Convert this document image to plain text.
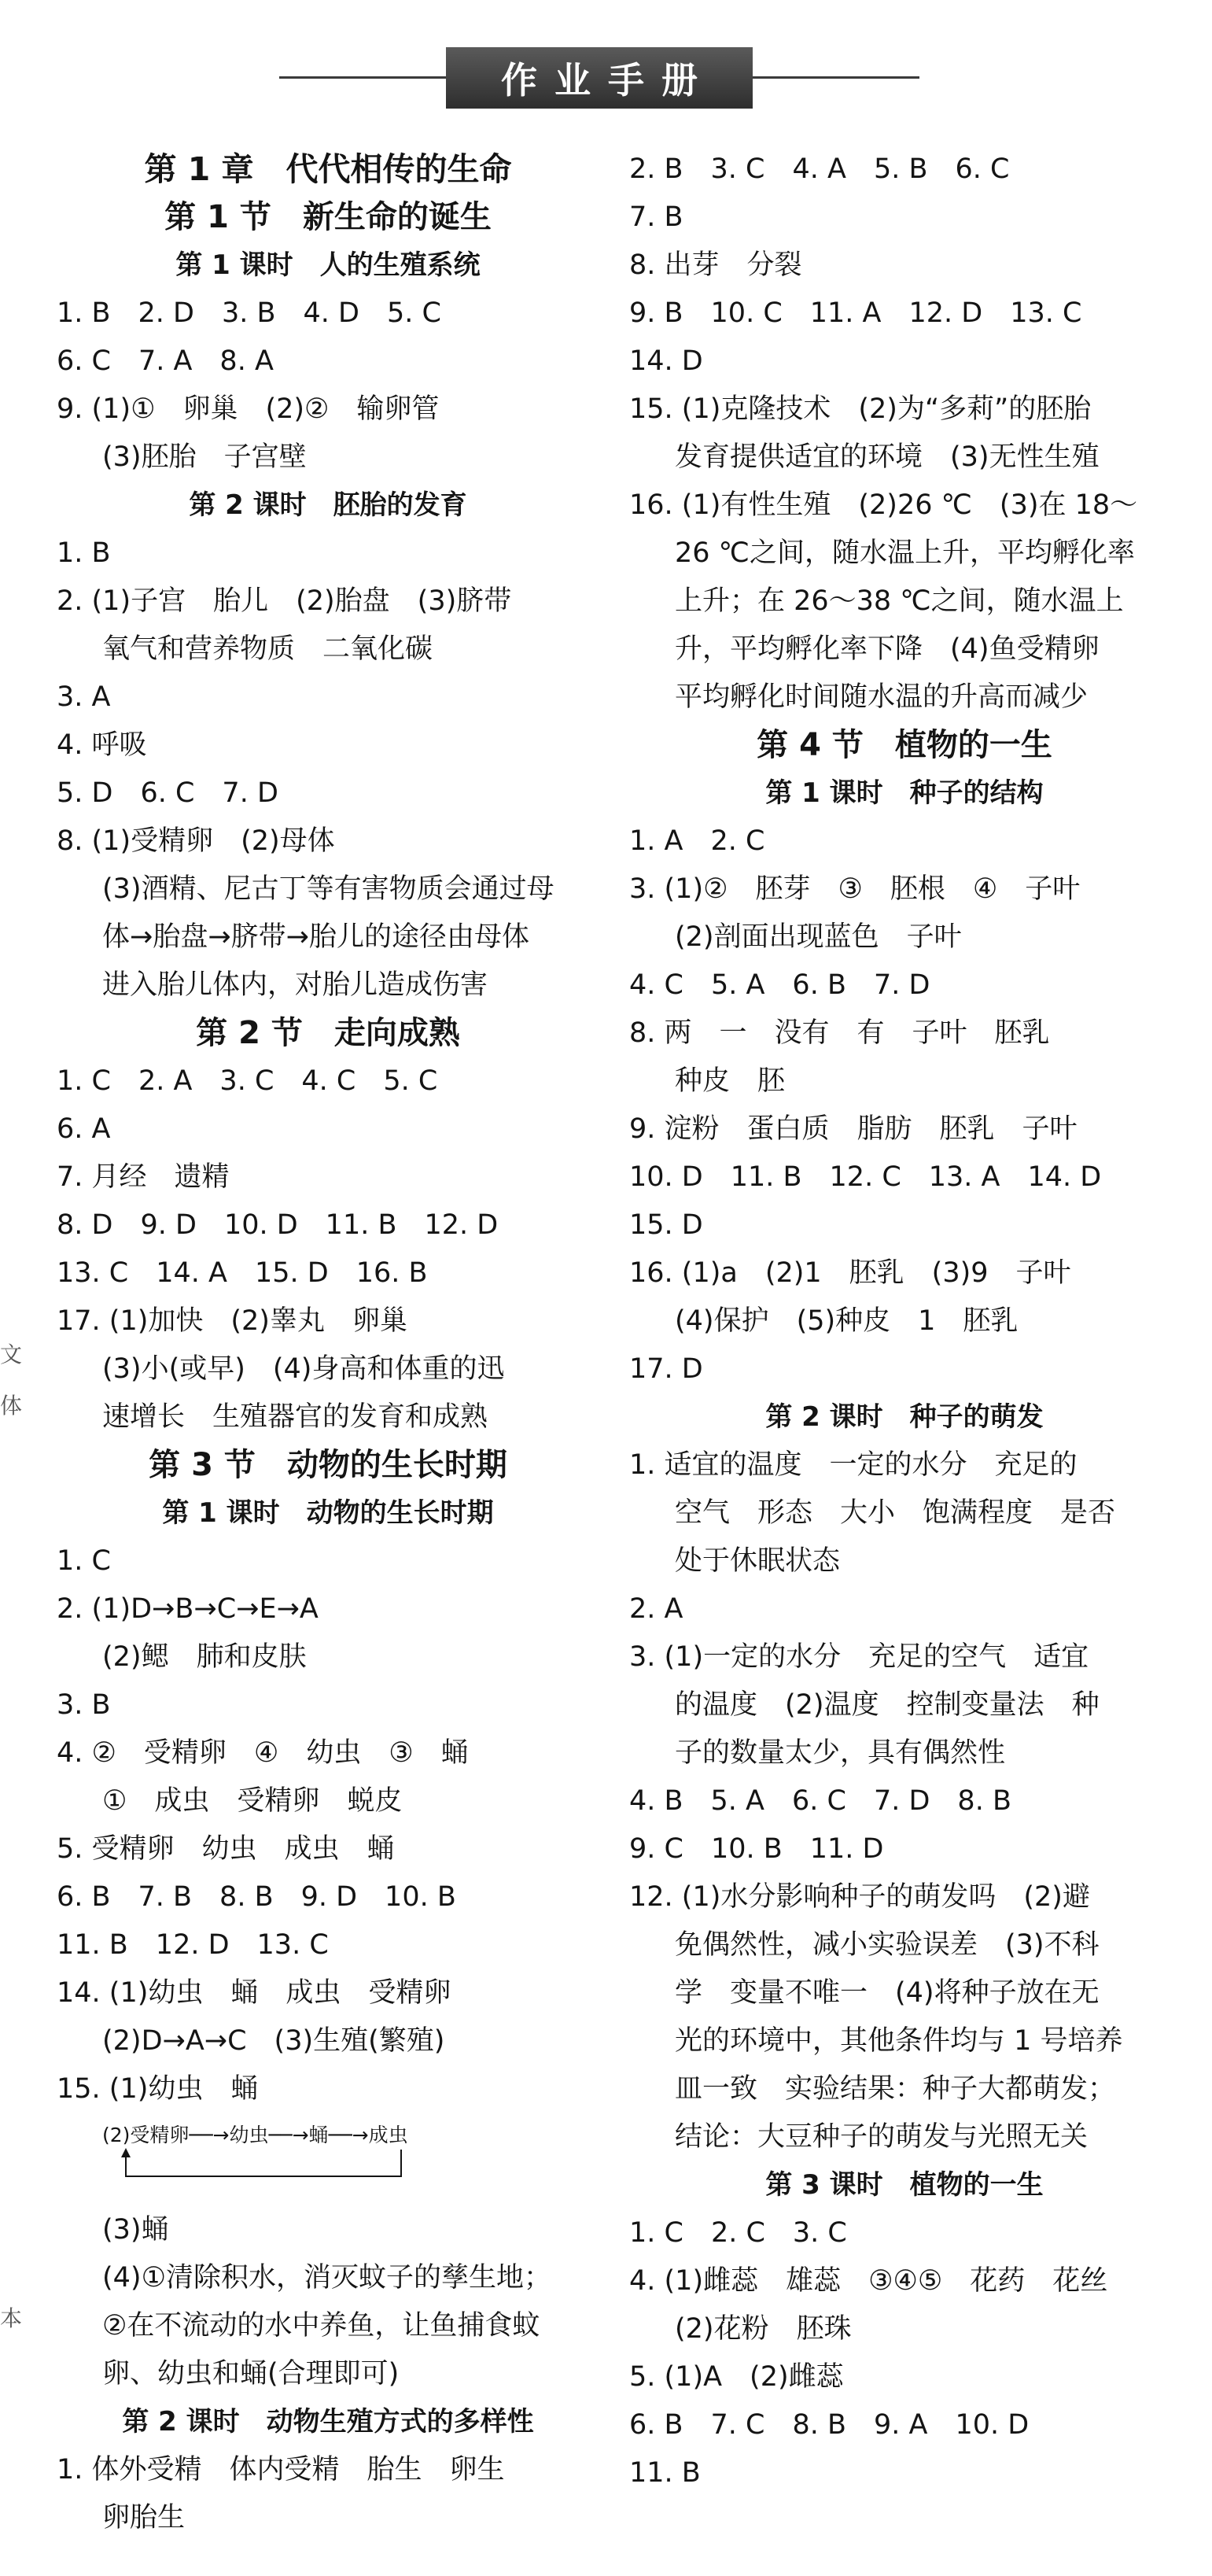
作业手册
第 1 章　代代相传的生命
第 1 节　新生命的诞生
第 1 课时　人的生殖系统
1. B　2. D　3. B　4. D　5. C
6. C　7. A　8. A
9. (1)①　卵巢　(2)②　输卵管
(3)胚胎　子宫壁
第 2 课时　胚胎的发育
1. B
2. (1)子宫　胎儿　(2)胎盘　(3)脐带
氧气和营养物质　二氧化碳
3. A
4. 呼吸
5. D　6. C　7. D
8. (1)受精卵　(2)母体
(3)酒精、尼古丁等有害物质会通过母
体→胎盘→脐带→胎儿的途径由母体
进入胎儿体内，对胎儿造成伤害
第 2 节　走向成熟
1. C　2. A　3. C　4. C　5. C
6. A
7. 月经　遗精
8. D　9. D　10. D　11. B　12. D
13. C　14. A　15. D　16. B
17. (1)加快　(2)睾丸　卵巢
(3)小(或早)　(4)身高和体重的迅
速增长　生殖器官的发育和成熟
第 3 节　动物的生长时期
第 1 课时　动物的生长时期
1. C
2. (1)D→B→C→E→A
(2)鳃　肺和皮肤
3. B
4. ②　受精卵　④　幼虫　③　蛹
①　成虫　受精卵　蜕皮
5. 受精卵　幼虫　成虫　蛹
6. B　7. B　8. B　9. D　10. B
11. B　12. D　13. C
14. (1)幼虫　蛹　成虫　受精卵
(2)D→A→C　(3)生殖(繁殖)
15. (1)幼虫　蛹
(2)受精卵──→幼虫──→蛹──→成虫
(3)蛹
(4)①清除积水，消灭蚊子的孳生地；
②在不流动的水中养鱼，让鱼捕食蚊
卵、幼虫和蛹(合理即可)
第 2 课时　动物生殖方式的多样性
1. 体外受精　体内受精　胎生　卵生
卵胎生
2. B　3. C　4. A　5. B　6. C
7. B
8. 出芽　分裂
9. B　10. C　11. A　12. D　13. C
14. D
15. (1)克隆技术　(2)为“多莉”的胚胎
发育提供适宜的环境　(3)无性生殖
16. (1)有性生殖　(2)26 ℃　(3)在 18～
26 ℃之间，随水温上升，平均孵化率
上升；在 26～38 ℃之间，随水温上
升，平均孵化率下降　(4)鱼受精卵
平均孵化时间随水温的升高而减少
第 4 节　植物的一生
第 1 课时　种子的结构
1. A　2. C
3. (1)②　胚芽　③　胚根　④　子叶
(2)剖面出现蓝色　子叶
4. C　5. A　6. B　7. D
8. 两　一　没有　有　子叶　胚乳
种皮　胚
9. 淀粉　蛋白质　脂肪　胚乳　子叶
10. D　11. B　12. C　13. A　14. D
15. D
16. (1)a　(2)1　胚乳　(3)9　子叶
(4)保护　(5)种皮　1　胚乳
17. D
第 2 课时　种子的萌发
1. 适宜的温度　一定的水分　充足的
空气　形态　大小　饱满程度　是否
处于休眠状态
2. A
3. (1)一定的水分　充足的空气　适宜
的温度　(2)温度　控制变量法　种
子的数量太少，具有偶然性
4. B　5. A　6. C　7. D　8. B
9. C　10. B　11. D
12. (1)水分影响种子的萌发吗　(2)避
免偶然性，减小实验误差　(3)不科
学　变量不唯一　(4)将种子放在无
光的环境中，其他条件均与 1 号培养
皿一致　实验结果：种子大都萌发；
结论：大豆种子的萌发与光照无关
第 3 课时　植物的一生
1. C　2. C　3. C
4. (1)雌蕊　雄蕊　③④⑤　花药　花丝
(2)花粉　胚珠
5. (1)A　(2)雌蕊
6. B　7. C　8. B　9. A　10. D
11. B
文
体
本
